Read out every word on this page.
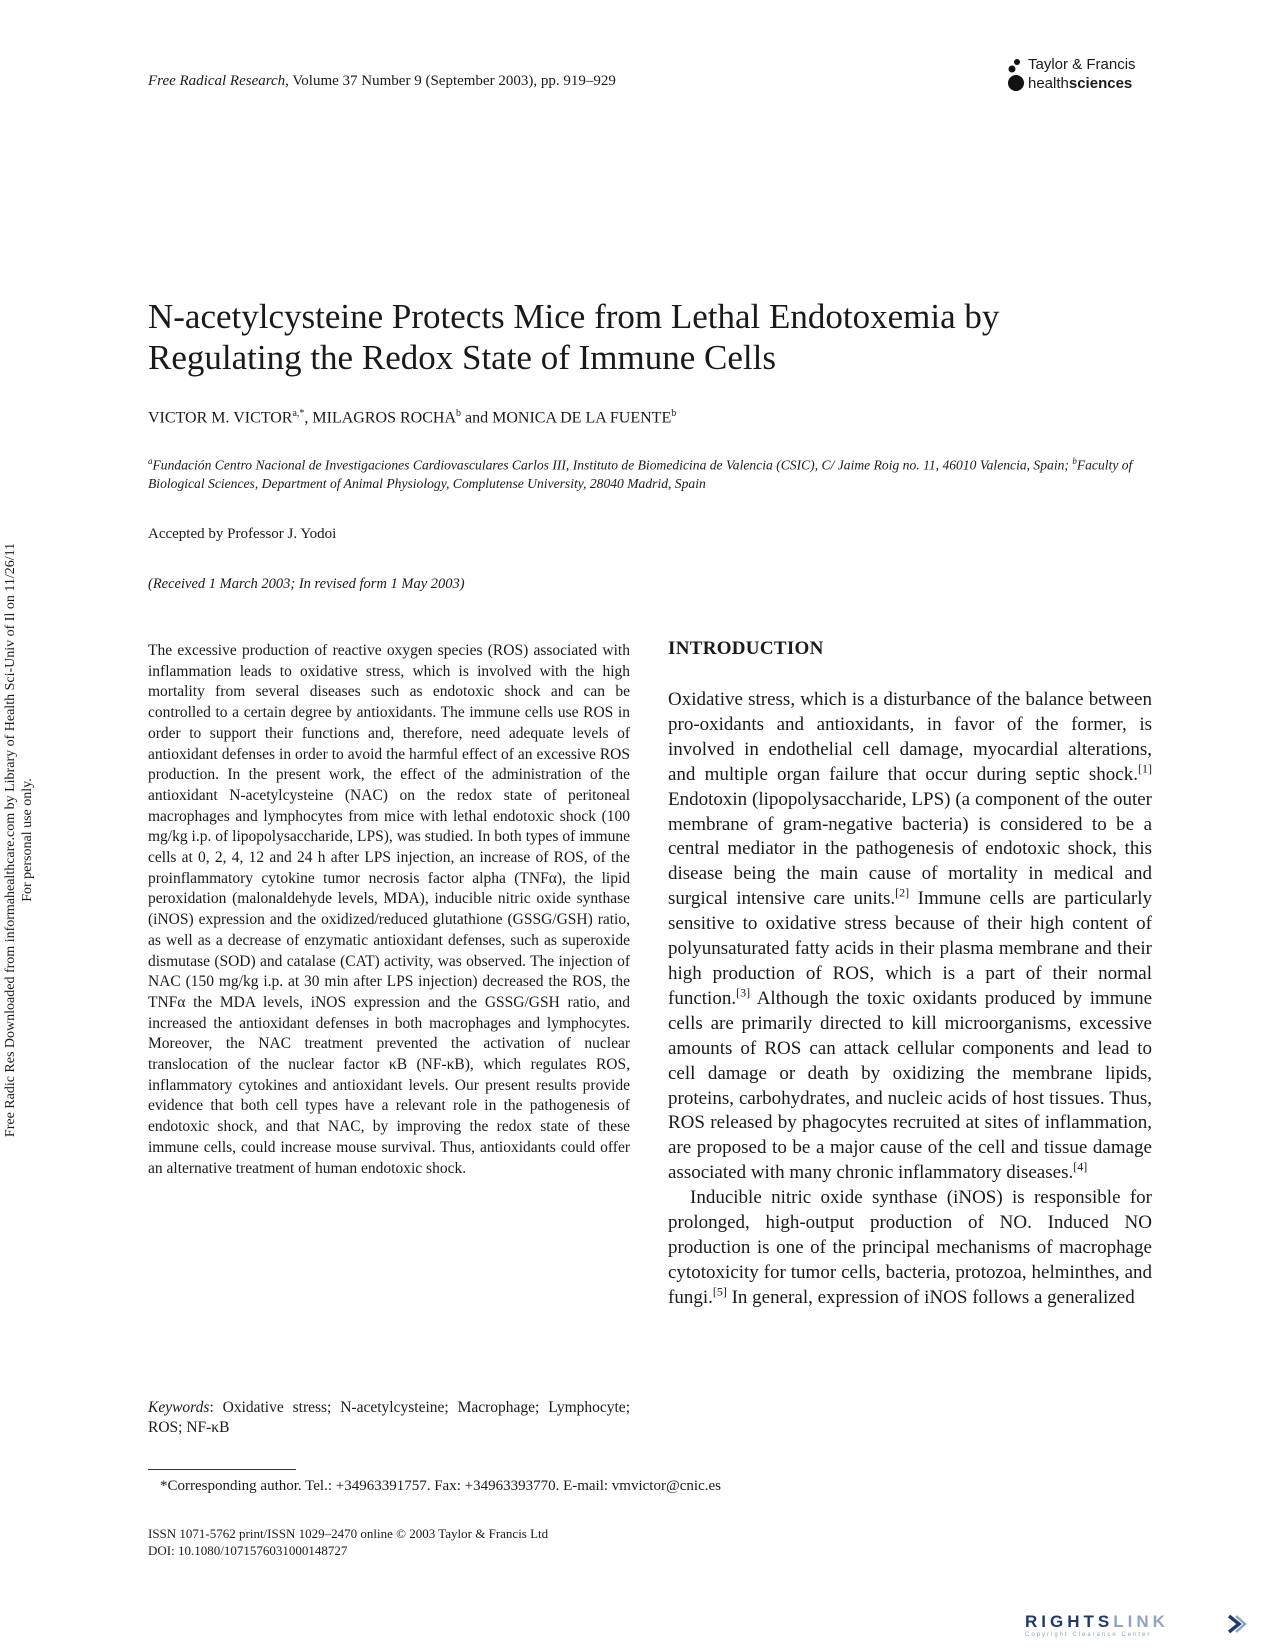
Free Radical Research, Volume 37 Number 9 (September 2003), pp. 919–929
Taylor & Francis
healthsciences
N-acetylcysteine Protects Mice from Lethal Endotoxemia by Regulating the Redox State of Immune Cells
VICTOR M. $VICTOR^{a,*}$, MILAGROS ROCHA$^b$ and MONICA DE LA FUENTE$^b$
$^a$Fundación Centro Nacional de Investigaciones Cardiovasculares Carlos III, Instituto de Biomedicina de Valencia (CSIC), C/ Jaime Roig no. 11, 46010 Valencia, Spain; $^b$Faculty of Biological Sciences, Department of Animal Physiology, Complutense University, 28040 Madrid, Spain
Accepted by Professor J. Yodoi
(Received 1 March 2003; In revised form 1 May 2003)
The excessive production of reactive oxygen species (ROS) associated with inflammation leads to oxidative stress, which is involved with the high mortality from several diseases such as endotoxic shock and can be controlled to a certain degree by antioxidants. The immune cells use ROS in order to support their functions and, therefore, need adequate levels of antioxidant defenses in order to avoid the harmful effect of an excessive ROS production. In the present work, the effect of the administration of the antioxidant N-acetylcysteine (NAC) on the redox state of peritoneal macrophages and lymphocytes from mice with lethal endotoxic shock (100 mg/kg i.p. of lipopolysaccharide, LPS), was studied. In both types of immune cells at 0, 2, 4, 12 and 24 h after LPS injection, an increase of ROS, of the proinflammatory cytokine tumor necrosis factor alpha (TNFα), the lipid peroxidation (malonaldehyde levels, MDA), inducible nitric oxide synthase (iNOS) expression and the oxidized/reduced glutathione (GSSG/GSH) ratio, as well as a decrease of enzymatic antioxidant defenses, such as superoxide dismutase (SOD) and catalase (CAT) activity, was observed. The injection of NAC (150 mg/kg i.p. at 30 min after LPS injection) decreased the ROS, the TNFα the MDA levels, iNOS expression and the GSSG/GSH ratio, and increased the antioxidant defenses in both macrophages and lymphocytes. Moreover, the NAC treatment prevented the activation of nuclear translocation of the nuclear factor κB (NF-κB), which regulates ROS, inflammatory cytokines and antioxidant levels. Our present results provide evidence that both cell types have a relevant role in the pathogenesis of endotoxic shock, and that NAC, by improving the redox state of these immune cells, could increase mouse survival. Thus, antioxidants could offer an alternative treatment of human endotoxic shock.
Keywords: Oxidative stress; N-acetylcysteine; Macrophage; Lymphocyte; ROS; NF-κB
INTRODUCTION

Oxidative stress, which is a disturbance of the balance between pro-oxidants and antioxidants, in favor of the former, is involved in endothelial cell damage, myocardial alterations, and multiple organ failure that occur during septic shock.[1] Endotoxin (lipopolysaccharide, LPS) (a component of the outer membrane of gram-negative bacteria) is considered to be a central mediator in the pathogenesis of endotoxic shock, this disease being the main cause of mortality in medical and surgical intensive care units.[2] Immune cells are particularly sensitive to oxidative stress because of their high content of polyunsaturated fatty acids in their plasma membrane and their high production of ROS, which is a part of their normal function.[3] Although the toxic oxidants produced by immune cells are primarily directed to kill microorganisms, excessive amounts of ROS can attack cellular components and lead to cell damage or death by oxidizing the membrane lipids, proteins, carbohydrates, and nucleic acids of host tissues. Thus, ROS released by phagocytes recruited at sites of inflammation, are proposed to be a major cause of the cell and tissue damage associated with many chronic inflammatory diseases.[4]

Inducible nitric oxide synthase (iNOS) is responsible for prolonged, high-output production of NO. Induced NO production is one of the principal mechanisms of macrophage cytotoxicity for tumor cells, bacteria, protozoa, helminthes, and fungi.[5] In general, expression of iNOS follows a generalized

*Corresponding author. Tel.: +34963391757. Fax: +34963393770. E-mail: vmvictor@cnic.es
ISSN 1071-5762 print/ISSN 1029–2470 online © 2003 Taylor & Francis Ltd
DOI: 10.1080/1071576031000148727
Free Radic Res Downloaded from informahealthcare.com by Library of Health Sci-Univ of Il on 11/26/11 For personal use only.
RIGHTSLINK
Copyright Clearance Center
